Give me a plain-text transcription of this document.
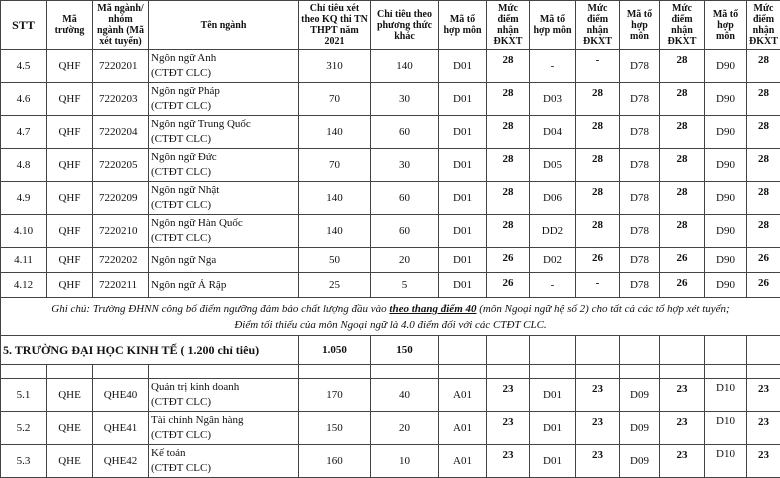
STT	Mã trường	Mã ngành/ nhóm ngành (Mã xét tuyển)	Tên ngành	Chỉ tiêu xét theo KQ thi TN THPT năm 2021	Chỉ tiêu theo phương thức khác	Mã tổ hợp môn	Mức điểm nhận ĐKXT	Mã tổ hợp môn	Mức điểm nhận ĐKXT	Mã tổ hợp môn	Mức điểm nhận ĐKXT	Mã tổ hợp môn	Mức điểm nhận ĐKXT
4.5	QHF	7220201	Ngôn ngữ Anh
(CTĐT CLC)	310	140	D01	28	-	-	D78	28	D90	28
4.6	QHF	7220203	Ngôn ngữ Pháp
(CTĐT CLC)	70	30	D01	28	D03	28	D78	28	D90	28
4.7	QHF	7220204	Ngôn ngữ Trung Quốc
(CTĐT CLC)	140	60	D01	28	D04	28	D78	28	D90	28
4.8	QHF	7220205	Ngôn ngữ Đức
(CTĐT CLC)	70	30	D01	28	D05	28	D78	28	D90	28
4.9	QHF	7220209	Ngôn ngữ Nhật
(CTĐT CLC)	140	60	D01	28	D06	28	D78	28	D90	28
4.10	QHF	7220210	Ngôn ngữ Hàn Quốc
(CTĐT CLC)	140	60	D01	28	DD2	28	D78	28	D90	28
4.11	QHF	7220202	Ngôn ngữ Nga	50	20	D01	26	D02	26	D78	26	D90	26
4.12	QHF	7220211	Ngôn ngữ Ả Rập	25	5	D01	26	-	-	D78	26	D90	26
Ghi chú: Trường ĐHNN công bố điểm ngưỡng đảm bảo chất lượng đầu vào theo thang điểm 40 (môn Ngoại ngữ hệ số 2) cho tất cả các tổ hợp xét tuyển;
Điểm tối thiểu của môn Ngoại ngữ là 4.0 điểm đối với các CTĐT CLC.													
5. TRƯỜNG ĐẠI HỌC KINH TẾ ( 1.200 chỉ tiêu)				1.050	150								

5.1	QHE	QHE40	Quản trị kinh doanh
(CTĐT CLC)	170	40	A01	23	D01	23	D09	23	D10	23
5.2	QHE	QHE41	Tài chính Ngân hàng
(CTĐT CLC)	150	20	A01	23	D01	23	D09	23	D10	23
5.3	QHE	QHE42	Kế toán
(CTĐT CLC)	160	10	A01	23	D01	23	D09	23	D10	23
